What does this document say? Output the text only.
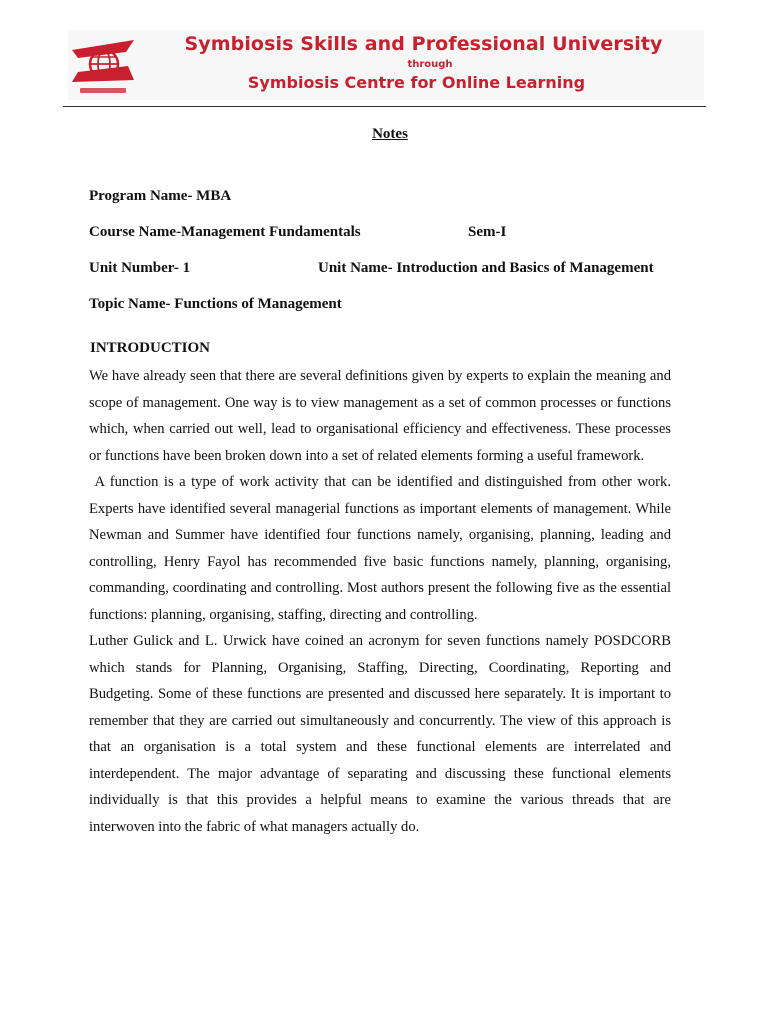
Symbiosis Skills and Professional University
through
Symbiosis Centre for Online Learning
Notes
Program Name- MBA
Course Name-Management Fundamentals	Sem-I
Unit Number- 1	Unit Name- Introduction and Basics of Management
Topic Name- Functions of Management
INTRODUCTION

We have already seen that there are several definitions given by experts to explain the meaning and scope of management. One way is to view management as a set of common processes or functions which, when carried out well, lead to organisational efficiency and effectiveness. These processes or functions have been broken down into a set of related elements forming a useful framework.

A function is a type of work activity that can be identified and distinguished from other work. Experts have identified several managerial functions as important elements of management. While Newman and Summer have identified four functions namely, organising, planning, leading and controlling, Henry Fayol has recommended five basic functions namely, planning, organising, commanding, coordinating and controlling. Most authors present the following five as the essential functions: planning, organising, staffing, directing and controlling.

Luther Gulick and L. Urwick have coined an acronym for seven functions namely POSDCORB which stands for Planning, Organising, Staffing, Directing, Coordinating, Reporting and Budgeting. Some of these functions are presented and discussed here separately. It is important to remember that they are carried out simultaneously and concurrently. The view of this approach is that an organisation is a total system and these functional elements are interrelated and interdependent. The major advantage of separating and discussing these functional elements individually is that this provides a helpful means to examine the various threads that are interwoven into the fabric of what managers actually do.
